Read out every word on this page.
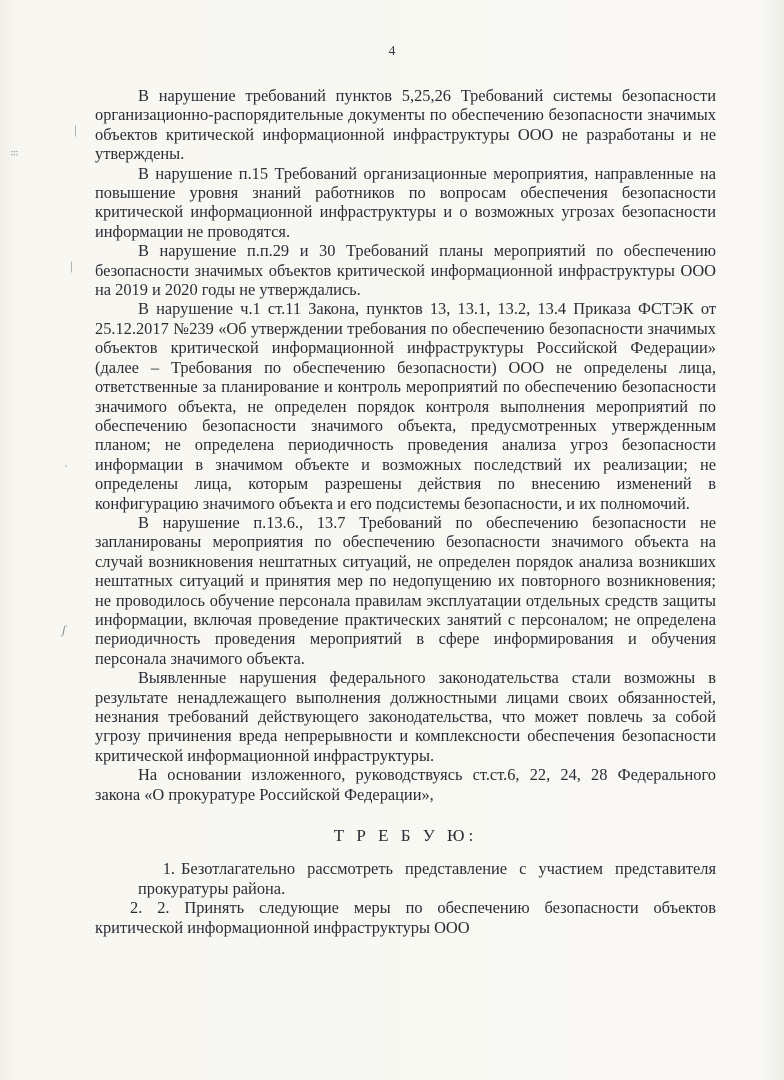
|
⁝⁝
|
ˌ
ʃ
4

В нарушение требований пунктов 5,25,26 Требований системы безопасности организационно-распорядительные документы по обеспечению безопасности значимых объектов критической информационной инфраструктуры ООО не разработаны и не утверждены.

В нарушение п.15 Требований организационные мероприятия, направленные на повышение уровня знаний работников по вопросам обеспечения безопасности критической информационной инфраструктуры и о возможных угрозах безопасности информации не проводятся.

В нарушение п.п.29 и 30 Требований планы мероприятий по обеспечению безопасности значимых объектов критической информационной инфраструктуры ООО на 2019 и 2020 годы не утверждались.

В нарушение ч.1 ст.11 Закона, пунктов 13, 13.1, 13.2, 13.4 Приказа ФСТЭК от 25.12.2017 №239 «Об утверждении требования по обеспечению безопасности значимых объектов критической информационной инфраструктуры Российской Федерации» (далее – Требования по обеспечению безопасности) ООО не определены лица, ответственные за планирование и контроль мероприятий по обеспечению безопасности значимого объекта, не определен порядок контроля выполнения мероприятий по обеспечению безопасности значимого объекта, предусмотренных утвержденным планом; не определена периодичность проведения анализа угроз безопасности информации в значимом объекте и возможных последствий их реализации; не определены лица, которым разрешены действия по внесению изменений в конфигурацию значимого объекта и его подсистемы безопасности, и их полномочий.

В нарушение п.13.6., 13.7 Требований по обеспечению безопасности не запланированы мероприятия по обеспечению безопасности значимого объекта на случай возникновения нештатных ситуаций, не определен порядок анализа возникших нештатных ситуаций и принятия мер по недопущению их повторного возникновения; не проводилось обучение персонала правилам эксплуатации отдельных средств защиты информации, включая проведение практических занятий с персоналом; не определена периодичность проведения мероприятий в сфере информирования и обучения персонала значимого объекта.

Выявленные нарушения федерального законодательства стали возможны в результате ненадлежащего выполнения должностными лицами своих обязанностей, незнания требований действующего законодательства, что может повлечь за собой угрозу причинения вреда непрерывности и комплексности обеспечения безопасности критической информационной инфраструктуры.

На основании изложенного, руководствуясь ст.ст.6, 22, 24, 28 Федерального закона «О прокуратуре Российской Федерации»,

Т Р Е Б У Ю:

1. Безотлагательно рассмотреть представление с участием представителя прокуратуры района.

2. 2. Принять следующие меры по обеспечению безопасности объектов критической информационной инфраструктуры ООО
